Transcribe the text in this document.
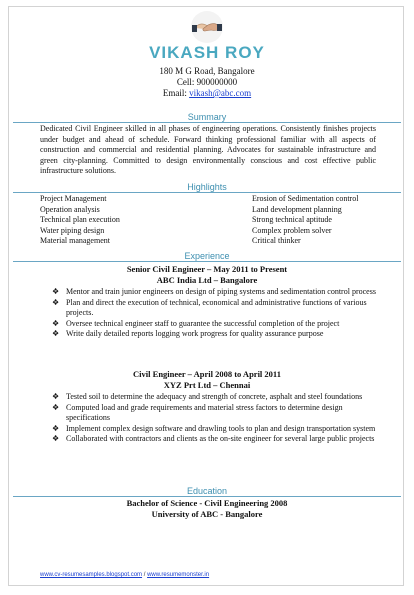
VIKASH ROY
180 M G Road, Bangalore
Cell: 900000000
Email: vikash@abc.com
Summary
Dedicated Civil Engineer skilled in all phases of engineering operations. Consistently finishes projects under budget and ahead of schedule. Forward thinking professional familiar with all aspects of construction and commercial and residential planning. Advocates for sustainable infrastructure and green city-planning. Committed to design environmentally conscious and cost effective public infrastructure solutions.
Highlights
Project Management
Operation analysis
Technical plan execution
Water piping design
Material management
Erosion of Sedimentation control
Land development planning
Strong technical aptitude
Complex problem solver
Critical thinker
Experience
Senior Civil Engineer – May 2011 to Present
ABC India Ltd – Bangalore
❖ Mentor and train junior engineers on design of piping systems and sedimentation control process
❖ Plan and direct the execution of technical, economical and administrative functions of various projects.
❖ Oversee technical engineer staff to guarantee the successful completion of the project
❖ Write daily detailed reports logging work progress for quality assurance purpose
Civil Engineer – April 2008 to April 2011
XYZ Prt Ltd – Chennai
❖ Tested soil to determine the adequacy and strength of concrete, asphalt and steel foundations
❖ Computed load and grade requirements and material stress factors to determine design specifications
❖ Implement complex design software and drawling tools to plan and design transportation system
❖ Collaborated with contractors and clients as the on-site engineer for several large public projects
Education
Bachelor of Science - Civil Engineering 2008
University of ABC - Bangalore
www.cv-resumesamples.blogspot.com / www.resumemonster.in
